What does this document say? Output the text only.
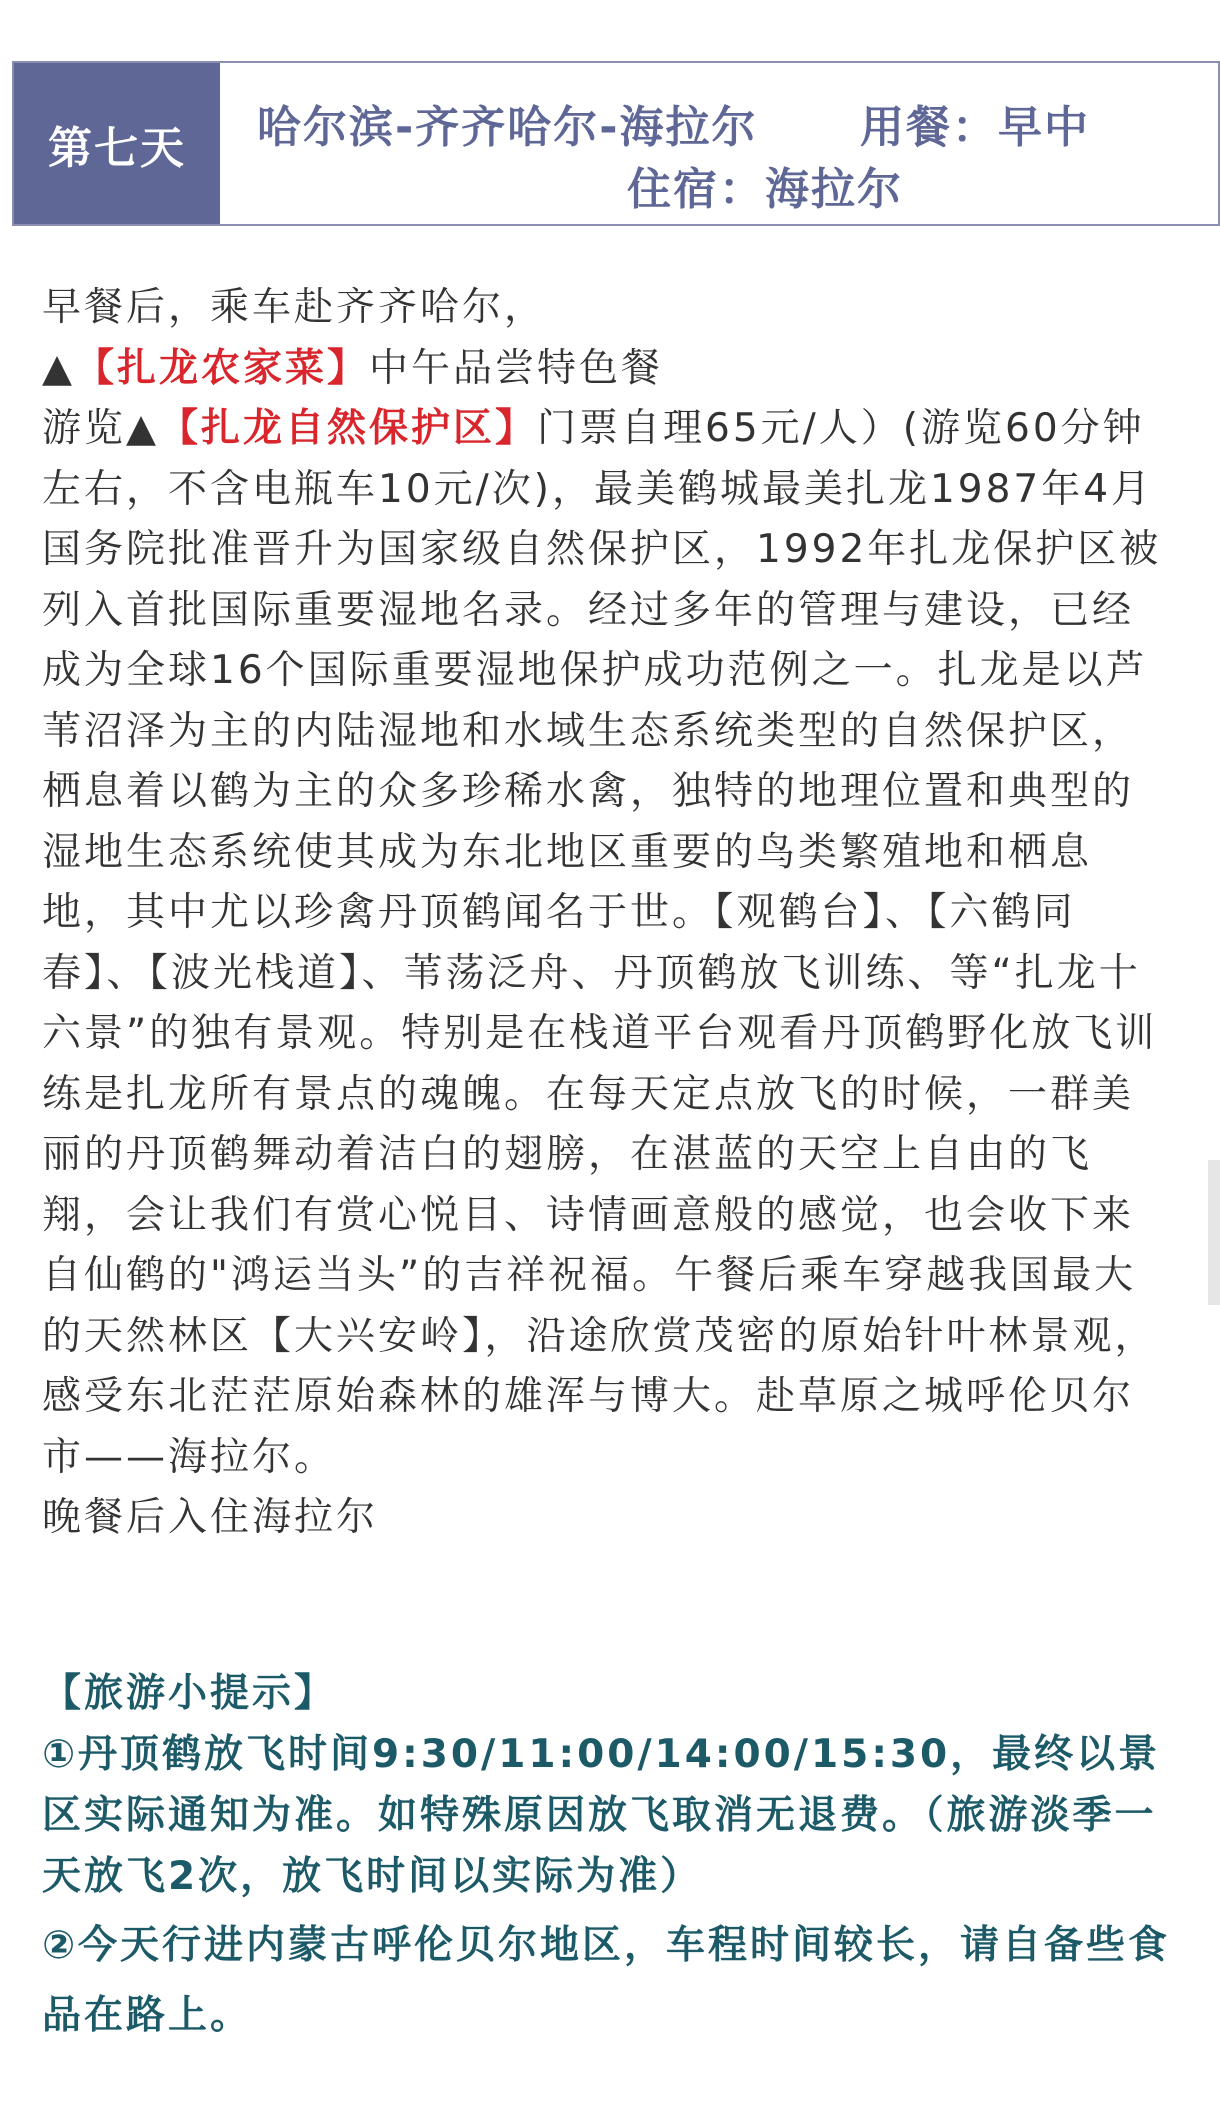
第七天	哈尔滨-齐齐哈尔-海拉尔 用餐：早中
住宿：海拉尔

早餐后，乘车赴齐齐哈尔，

▲【扎龙农家菜】中午品尝特色餐

游览▲【扎龙自然保护区】门票自理65元/人）(游览60分钟左右，不含电瓶车10元/次)，最美鹤城最美扎龙1987年4月国务院批准晋升为国家级自然保护区，1992年扎龙保护区被列入首批国际重要湿地名录。经过多年的管理与建设，已经成为全球16个国际重要湿地保护成功范例之一。扎龙是以芦苇沼泽为主的内陆湿地和水域生态系统类型的自然保护区，栖息着以鹤为主的众多珍稀水禽，独特的地理位置和典型的湿地生态系统使其成为东北地区重要的鸟类繁殖地和栖息地，其中尤以珍禽丹顶鹤闻名于世。【观鹤台】、【六鹤同春】、【波光栈道】、苇荡泛舟、丹顶鹤放飞训练、等“扎龙十六景”的独有景观。特别是在栈道平台观看丹顶鹤野化放飞训练是扎龙所有景点的魂魄。在每天定点放飞的时候，一群美丽的丹顶鹤舞动着洁白的翅膀，在湛蓝的天空上自由的飞翔，会让我们有赏心悦目、诗情画意般的感觉，也会收下来自仙鹤的"鸿运当头”的吉祥祝福。午餐后乘车穿越我国最大的天然林区【大兴安岭】，沿途欣赏茂密的原始针叶林景观，感受东北茫茫原始森林的雄浑与博大。赴草原之城呼伦贝尔市——海拉尔。

晚餐后入住海拉尔

【旅游小提示】

①丹顶鹤放飞时间9:30/11:00/14:00/15:30，最终以景区实际通知为准。如特殊原因放飞取消无退费。（旅游淡季一天放飞2次，放飞时间以实际为准）

②今天行进内蒙古呼伦贝尔地区，车程时间较长，请自备些食品在路上。
